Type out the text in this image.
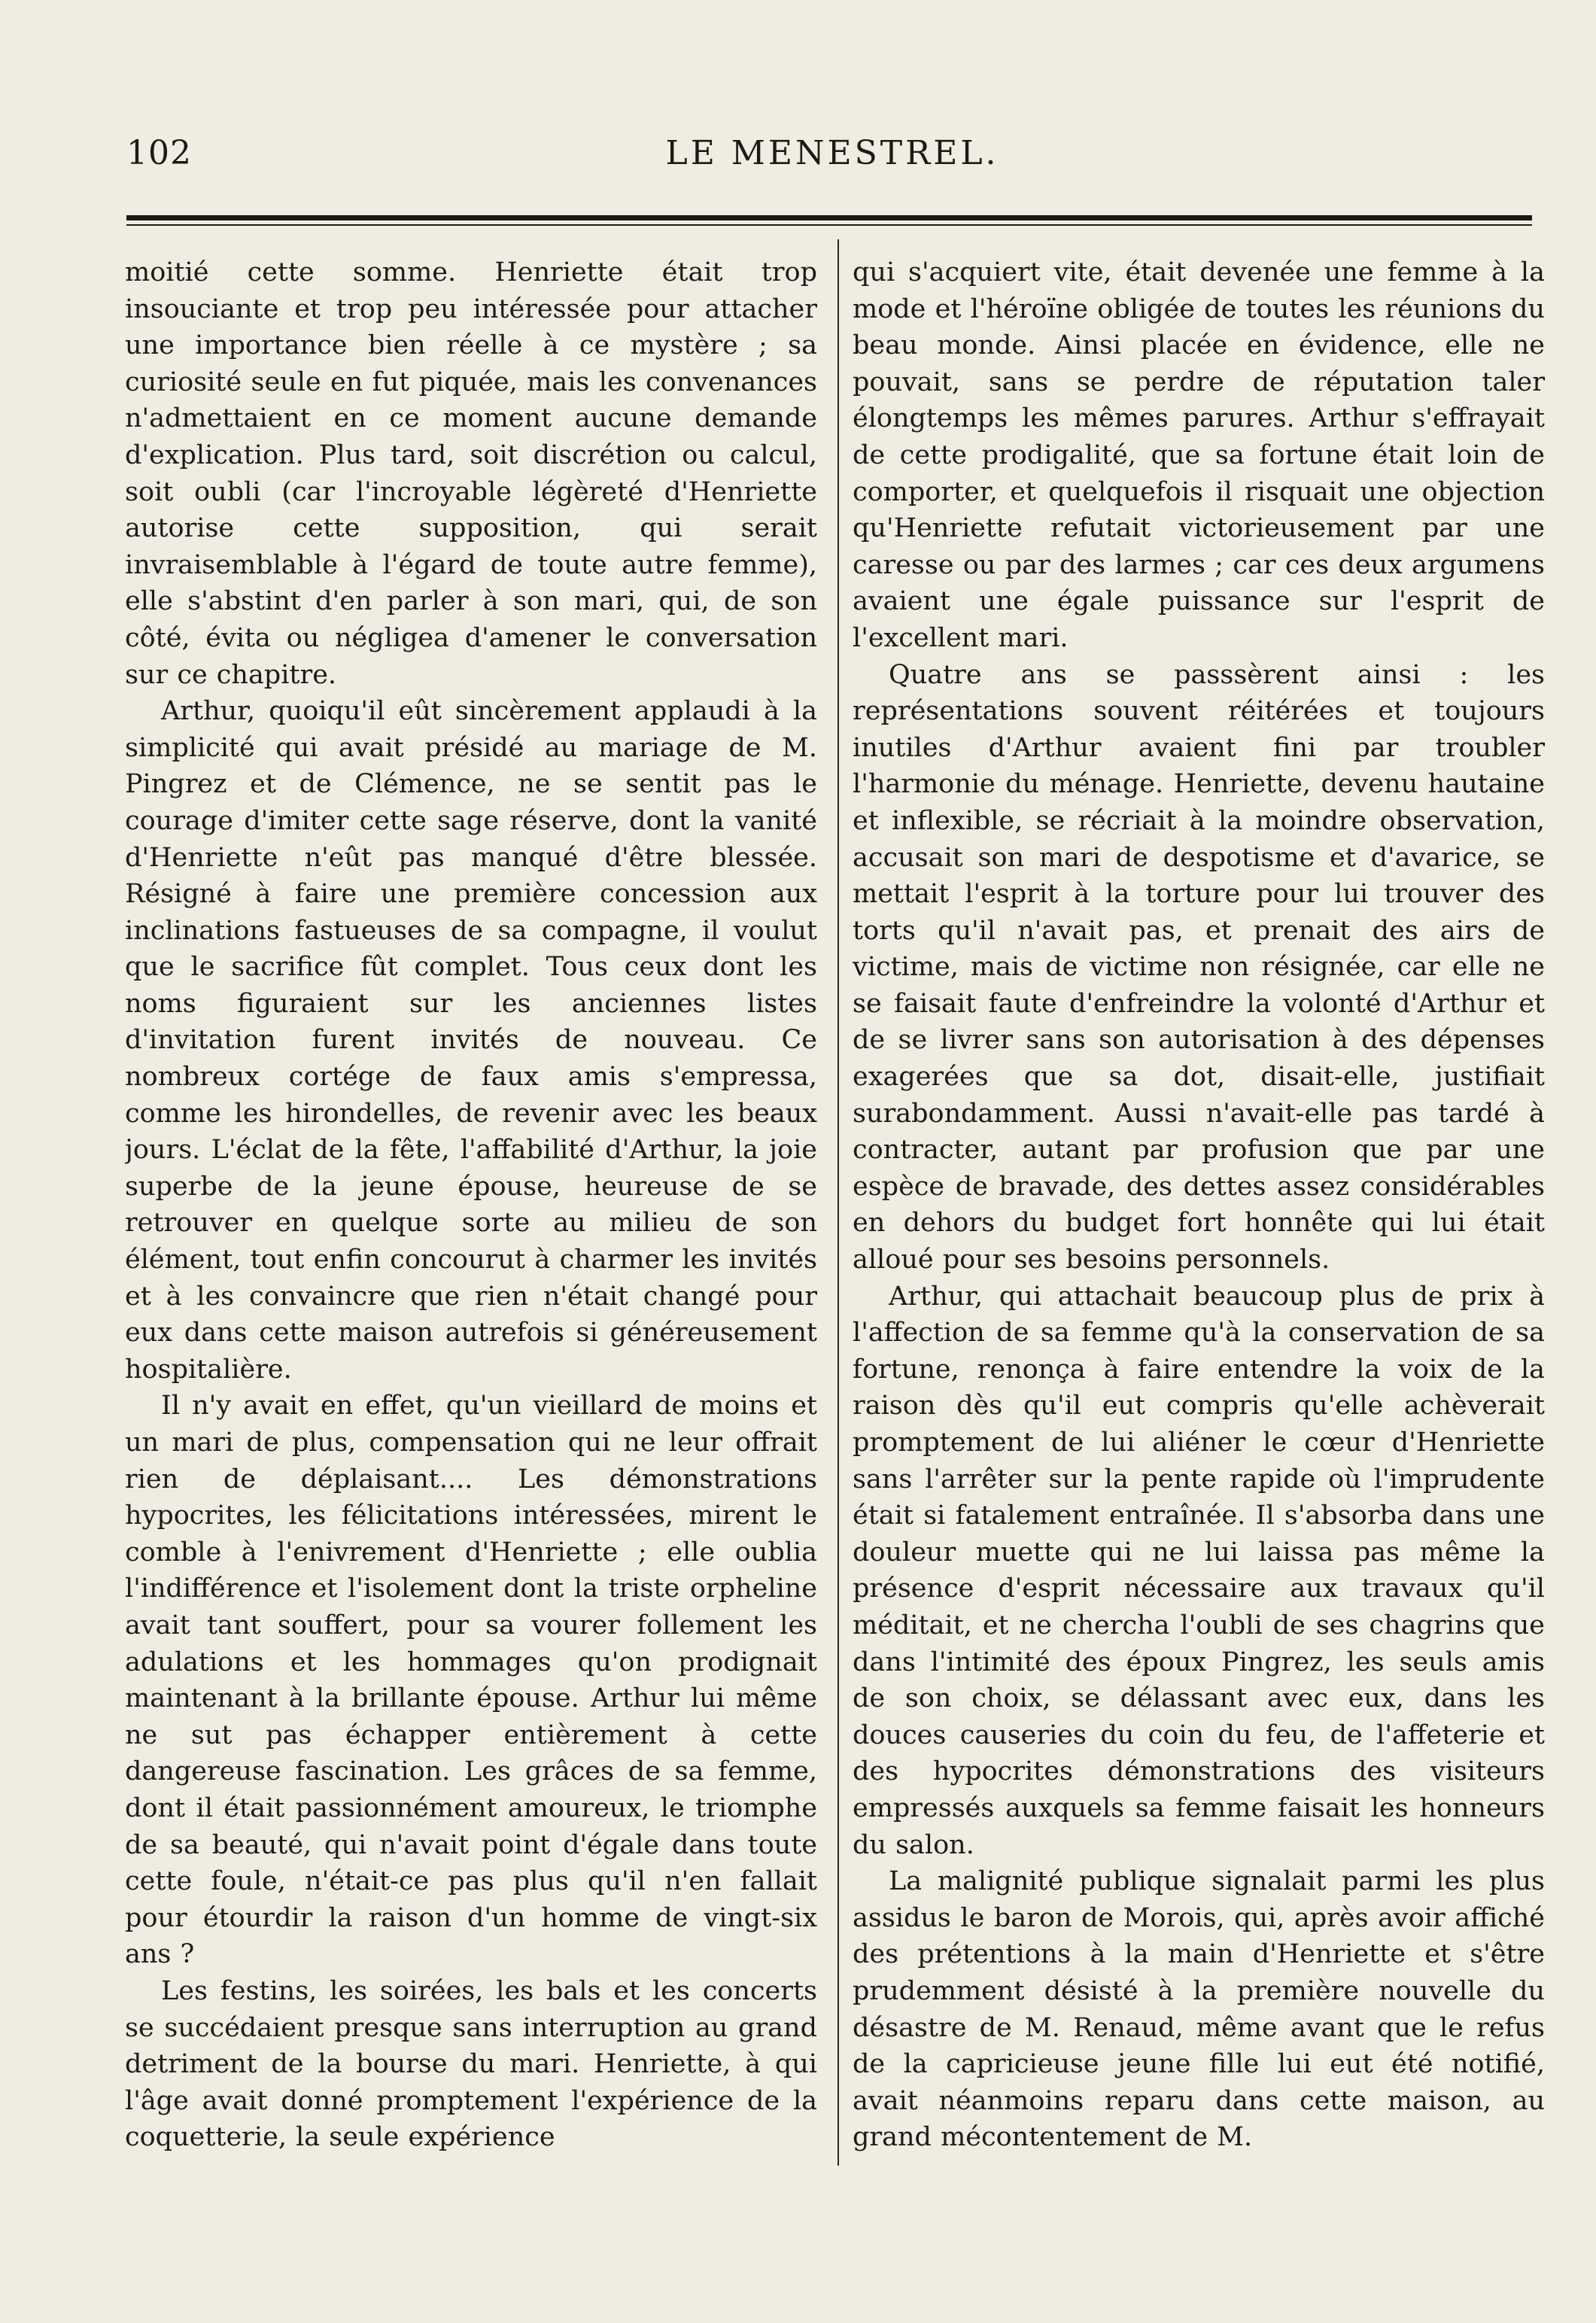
102	LE MENESTREL.

moitié cette somme. Henriette était trop insouciante et trop peu intéressée pour attacher une importance bien réelle à ce mystère ; sa curiosité seule en fut piquée, mais les convenances n'admettaient en ce moment aucune demande d'explication. Plus tard, soit discrétion ou calcul, soit oubli (car l'incroyable légèreté d'Henriette autorise cette supposition, qui serait invraisemblable à l'égard de toute autre femme), elle s'abstint d'en parler à son mari, qui, de son côté, évita ou négligea d'amener le conversation sur ce chapitre.

Arthur, quoiqu'il eût sincèrement applaudi à la simplicité qui avait présidé au mariage de M. Pingrez et de Clémence, ne se sentit pas le courage d'imiter cette sage réserve, dont la vanité d'Henriette n'eût pas manqué d'être blessée. Résigné à faire une première concession aux inclinations fastueuses de sa compagne, il voulut que le sacrifice fût complet. Tous ceux dont les noms figuraient sur les anciennes listes d'invitation furent invités de nouveau. Ce nombreux cortége de faux amis s'empressa, comme les hirondelles, de revenir avec les beaux jours. L'éclat de la fête, l'affabilité d'Arthur, la joie superbe de la jeune épouse, heureuse de se retrouver en quelque sorte au milieu de son élément, tout enfin concourut à charmer les invités et à les convaincre que rien n'était changé pour eux dans cette maison autrefois si généreusement hospitalière.

Il n'y avait en effet, qu'un vieillard de moins et un mari de plus, compensation qui ne leur offrait rien de déplaisant.... Les démonstrations hypocrites, les félicitations intéressées, mirent le comble à l'enivrement d'Henriette ; elle oublia l'indifférence et l'isolement dont la triste orpheline avait tant souffert, pour sa vourer follement les adulations et les hommages qu'on prodignait maintenant à la brillante épouse. Arthur lui même ne sut pas échapper entièrement à cette dangereuse fascination. Les grâces de sa femme, dont il était passionnément amoureux, le triomphe de sa beauté, qui n'avait point d'égale dans toute cette foule, n'était-ce pas plus qu'il n'en fallait pour étourdir la raison d'un homme de vingt-six ans ?

Les festins, les soirées, les bals et les concerts se succédaient presque sans interruption au grand detriment de la bourse du mari. Henriette, à qui l'âge avait donné promptement l'expérience de la coquetterie, la seule expérience

qui s'acquiert vite, était devenée une femme à la mode et l'héroïne obligée de toutes les réunions du beau monde. Ainsi placée en évidence, elle ne pouvait, sans se perdre de réputation taler élongtemps les mêmes parures. Arthur s'effrayait de cette prodigalité, que sa fortune était loin de comporter, et quelquefois il risquait une objection qu'Henriette refutait victorieusement par une caresse ou par des larmes ; car ces deux argumens avaient une égale puissance sur l'esprit de l'excellent mari.

Quatre ans se passsèrent ainsi : les représentations souvent réitérées et toujours inutiles d'Arthur avaient fini par troubler l'harmonie du ménage. Henriette, devenu hautaine et inflexible, se récriait à la moindre observation, accusait son mari de despotisme et d'avarice, se mettait l'esprit à la torture pour lui trouver des torts qu'il n'avait pas, et prenait des airs de victime, mais de victime non résignée, car elle ne se faisait faute d'enfreindre la volonté d'Arthur et de se livrer sans son autorisation à des dépenses exagerées que sa dot, disait-elle, justifiait surabondamment. Aussi n'avait-elle pas tardé à contracter, autant par profusion que par une espèce de bravade, des dettes assez considérables en dehors du budget fort honnête qui lui était alloué pour ses besoins personnels.

Arthur, qui attachait beaucoup plus de prix à l'affection de sa femme qu'à la conservation de sa fortune, renonça à faire entendre la voix de la raison dès qu'il eut compris qu'elle achèverait promptement de lui aliéner le cœur d'Henriette sans l'arrêter sur la pente rapide où l'imprudente était si fatalement entraînée. Il s'absorba dans une douleur muette qui ne lui laissa pas même la présence d'esprit nécessaire aux travaux qu'il méditait, et ne chercha l'oubli de ses chagrins que dans l'intimité des époux Pingrez, les seuls amis de son choix, se délassant avec eux, dans les douces causeries du coin du feu, de l'affeterie et des hypocrites démonstrations des visiteurs empressés auxquels sa femme faisait les honneurs du salon.

La malignité publique signalait parmi les plus assidus le baron de Morois, qui, après avoir affiché des prétentions à la main d'Henriette et s'être prudemment désisté à la première nouvelle du désastre de M. Renaud, même avant que le refus de la capricieuse jeune fille lui eut été notifié, avait néanmoins reparu dans cette maison, au grand mécontentement de M.
